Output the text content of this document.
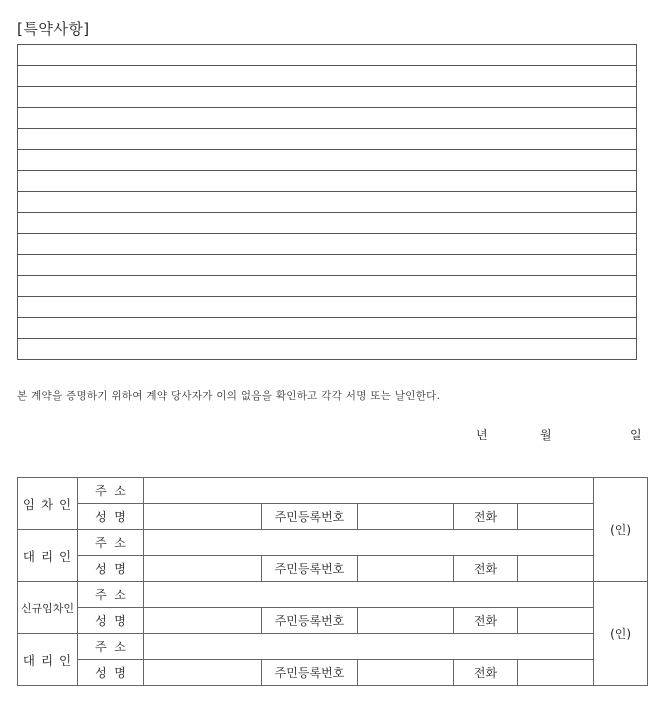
[특약사항]
본 계약을 증명하기 위하여 계약 당사자가 이의 없음을 확인하고 각각 서명 또는 날인한다.
년	월	일
임 차 인	주  소						(인)
	성  명		주민등록번호		전화		
대 리 인	주  소						
	성  명		주민등록번호		전화		
신규임차인	주  소						(인)
	성  명		주민등록번호		전화		
대 리 인	주  소						
	성  명		주민등록번호		전화		
